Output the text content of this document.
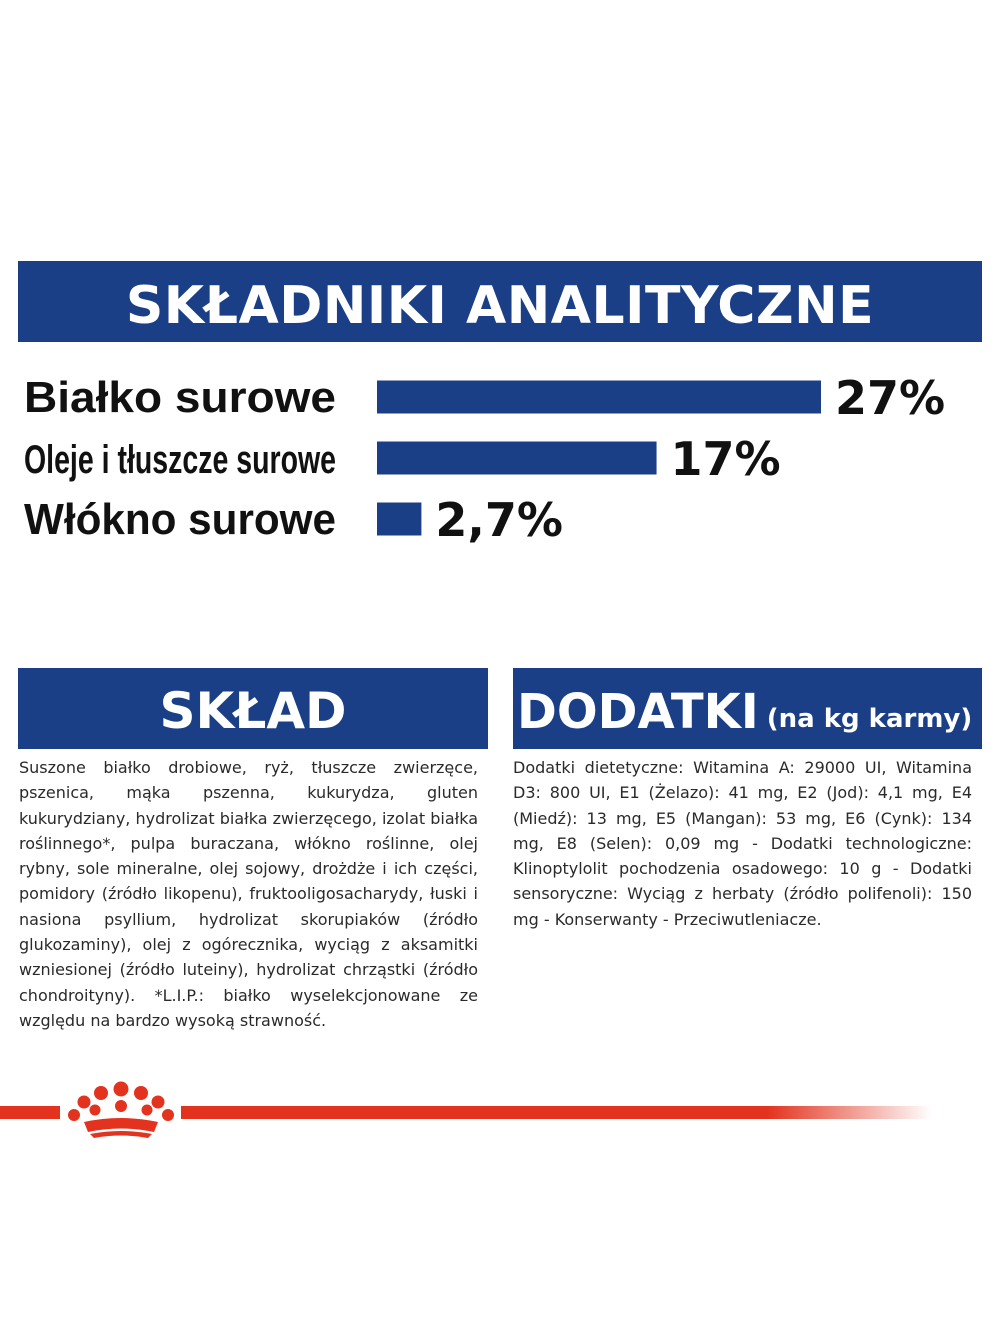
SKŁADNIKI ANALITYCZNE
Białko surowe	27%
Oleje i tłuszcze surowe	17%
Włókno surowe 2,7%
SKŁAD

Suszone białko drobiowe, ryż, tłuszcze zwierzęce, pszenica, mąka pszenna, kukurydza, gluten kukurydziany, hydrolizat białka zwierzęcego, izolat białka roślinnego*, pulpa buraczana, włókno roślinne, olej rybny, sole mineralne, olej sojowy, drożdże i ich części, pomidory (źródło likopenu), fruktooligosacharydy, łuski i nasiona psyllium, hydrolizat skorupiaków (źródło glukozaminy), olej z ogórecznika, wyciąg z aksamitki wzniesionej (źródło luteiny), hydrolizat chrząstki (źródło chondroityny). *L.I.P.: białko wyselekcjonowane ze względu na bardzo wysoką strawność.

DODATKI (na kg karmy)

Dodatki dietetyczne: Witamina A: 29000 UI, Witamina D3: 800 UI, E1 (Żelazo): 41 mg, E2 (Jod): 4,1 mg, E4 (Miedź): 13 mg, E5 (Mangan): 53 mg, E6 (Cynk): 134 mg, E8 (Selen): 0,09 mg - Dodatki technologiczne: Klinoptylolit pochodzenia osadowego: 10 g - Dodatki sensoryczne: Wyciąg z herbaty (źródło polifenoli): 150 mg - Konserwanty - Przeciwutleniacze.
